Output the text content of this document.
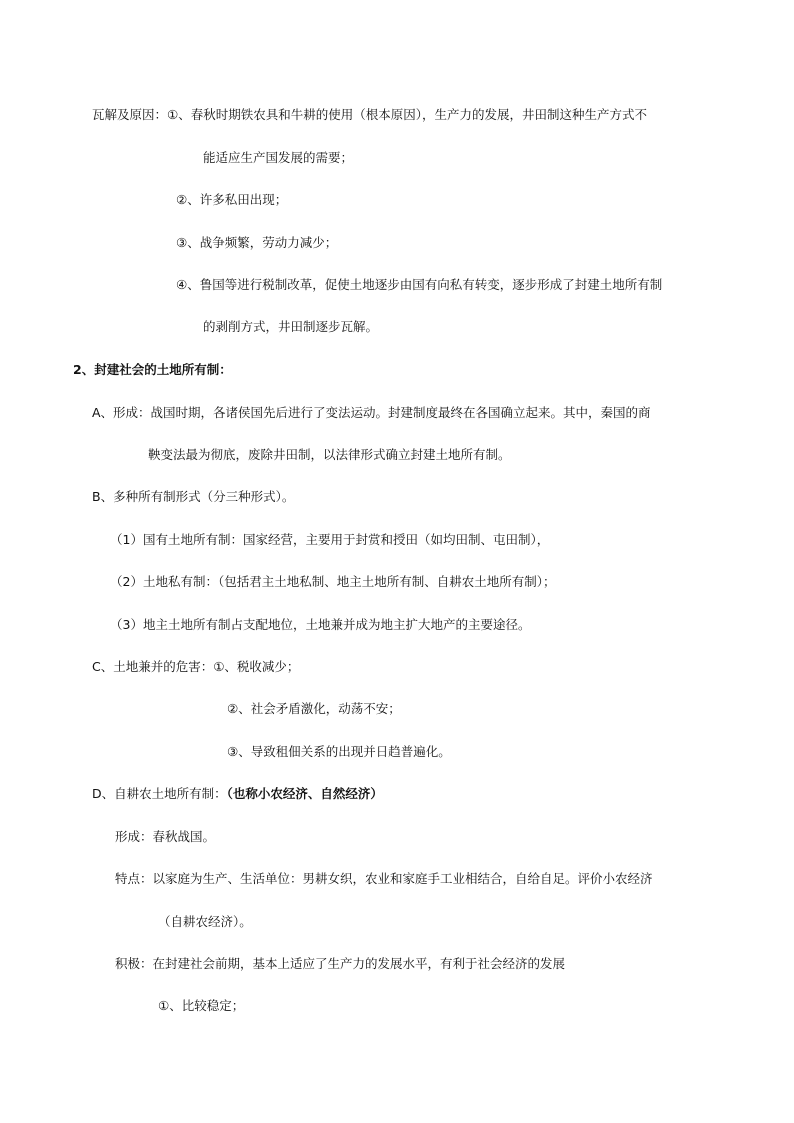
瓦解及原因：①、春秋时期铁农具和牛耕的使用（根本原因），生产力的发展，井田制这种生产方式不
能适应生产国发展的需要；
②、许多私田出现；
③、战争频繁，劳动力减少；
④、鲁国等进行税制改革，促使土地逐步由国有向私有转变，逐步形成了封建土地所有制
的剥削方式，井田制逐步瓦解。
2、封建社会的土地所有制：
A、形成：战国时期，各诸侯国先后进行了变法运动。封建制度最终在各国确立起来。其中，秦国的商
鞅变法最为彻底，废除井田制，以法律形式确立封建土地所有制。
B、多种所有制形式（分三种形式）。
（1）国有土地所有制：国家经营，主要用于封赏和授田（如均田制、屯田制），
（2）土地私有制：（包括君主土地私制、地主土地所有制、自耕农土地所有制）；
（3）地主土地所有制占支配地位，土地兼并成为地主扩大地产的主要途径。
C、土地兼并的危害：①、税收减少；
②、社会矛盾激化，动荡不安；
③、导致租佃关系的出现并日趋普遍化。
D、自耕农土地所有制：（也称小农经济、自然经济）
形成：春秋战国。
特点：以家庭为生产、生活单位：男耕女织，农业和家庭手工业相结合，自给自足。评价小农经济
（自耕农经济）。
积极：在封建社会前期，基本上适应了生产力的发展水平，有利于社会经济的发展
①、比较稳定；
